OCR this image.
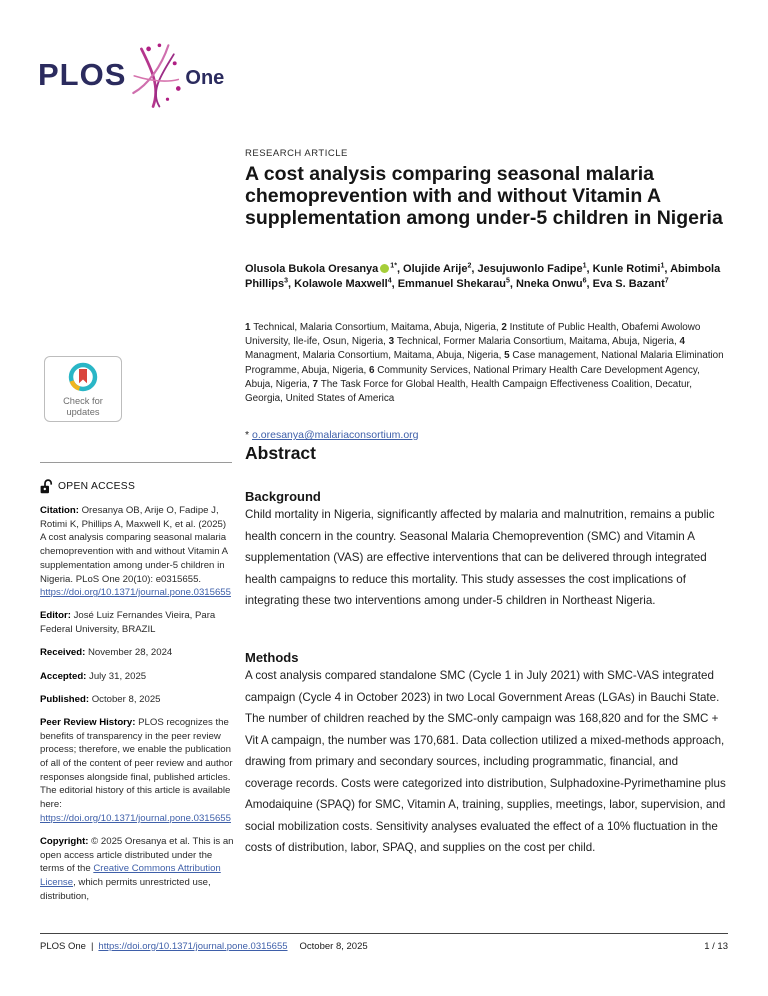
PLOS	One
Check for
updates
OPEN ACCESS

Citation: Oresanya OB, Arije O, Fadipe J, Rotimi K, Phillips A, Maxwell K, et al. (2025) A cost analysis comparing seasonal malaria chemoprevention with and without Vitamin A supplementation among under-5 children in Nigeria. PLoS One 20(10): e0315655. https://doi.org/10.1371/journal.pone.0315655

Editor: José Luiz Fernandes Vieira, Para Federal University, BRAZIL

Received: November 28, 2024

Accepted: July 31, 2025

Published: October 8, 2025

Peer Review History: PLOS recognizes the benefits of transparency in the peer review process; therefore, we enable the publication of all of the content of peer review and author responses alongside final, published articles. The editorial history of this article is available here: https://doi.org/10.1371/journal.pone.0315655

Copyright: © 2025 Oresanya et al. This is an open access article distributed under the terms of the Creative Commons Attribution License, which permits unrestricted use, distribution,

RESEARCH ARTICLE
A cost analysis comparing seasonal malaria chemoprevention with and without Vitamin A supplementation among under-5 children in Nigeria

Olusola Bukola Oresanya $^{1*}$, Olujide Arije$^2$, Jesujuwonlo Fadipe$^1$, Kunle Rotimi$^1$, Abimbola Phillips$^3$, Kolawole Maxwell$^4$, Emmanuel Shekarau$^5$, Nneka Onwu$^6$, Eva S. Bazant$^7$

1 Technical, Malaria Consortium, Maitama, Abuja, Nigeria, 2 Institute of Public Health, Obafemi Awolowo University, Ile-ife, Osun, Nigeria, 3 Technical, Former Malaria Consortium, Maitama, Abuja, Nigeria, 4 Managment, Malaria Consortium, Maitama, Abuja, Nigeria, 5 Case management, National Malaria Elimination Programme, Abuja, Nigeria, 6 Community Services, National Primary Health Care Development Agency, Abuja, Nigeria, 7 The Task Force for Global Health, Health Campaign Effectiveness Coalition, Decatur, Georgia, United States of America

* o.oresanya@malariaconsortium.org

Abstract
Background

Child mortality in Nigeria, significantly affected by malaria and malnutrition, remains a public health concern in the country. Seasonal Malaria Chemoprevention (SMC) and Vitamin A supplementation (VAS) are effective interventions that can be delivered through integrated health campaigns to reduce this mortality. This study assesses the cost implications of integrating these two interventions among under-5 children in Northeast Nigeria.

Methods

A cost analysis compared standalone SMC (Cycle 1 in July 2021) with SMC-VAS integrated campaign (Cycle 4 in October 2023) in two Local Government Areas (LGAs) in Bauchi State. The number of children reached by the SMC-only campaign was 168,820 and for the SMC + Vit A campaign, the number was 170,681. Data collection utilized a mixed-methods approach, drawing from primary and secondary sources, including programmatic, financial, and coverage records. Costs were categorized into distribution, Sulphadoxine-Pyrimethamine plus Amodaiquine (SPAQ) for SMC, Vitamin A, training, supplies, meetings, labor, supervision, and social mobilization costs. Sensitivity analyses evaluated the effect of a 10% fluctuation in the costs of distribution, labor, SPAQ, and supplies on the cost per child.

PLOS One | https://doi.org/10.1371/journal.pone.0315655 October 8, 2025	1 / 13
